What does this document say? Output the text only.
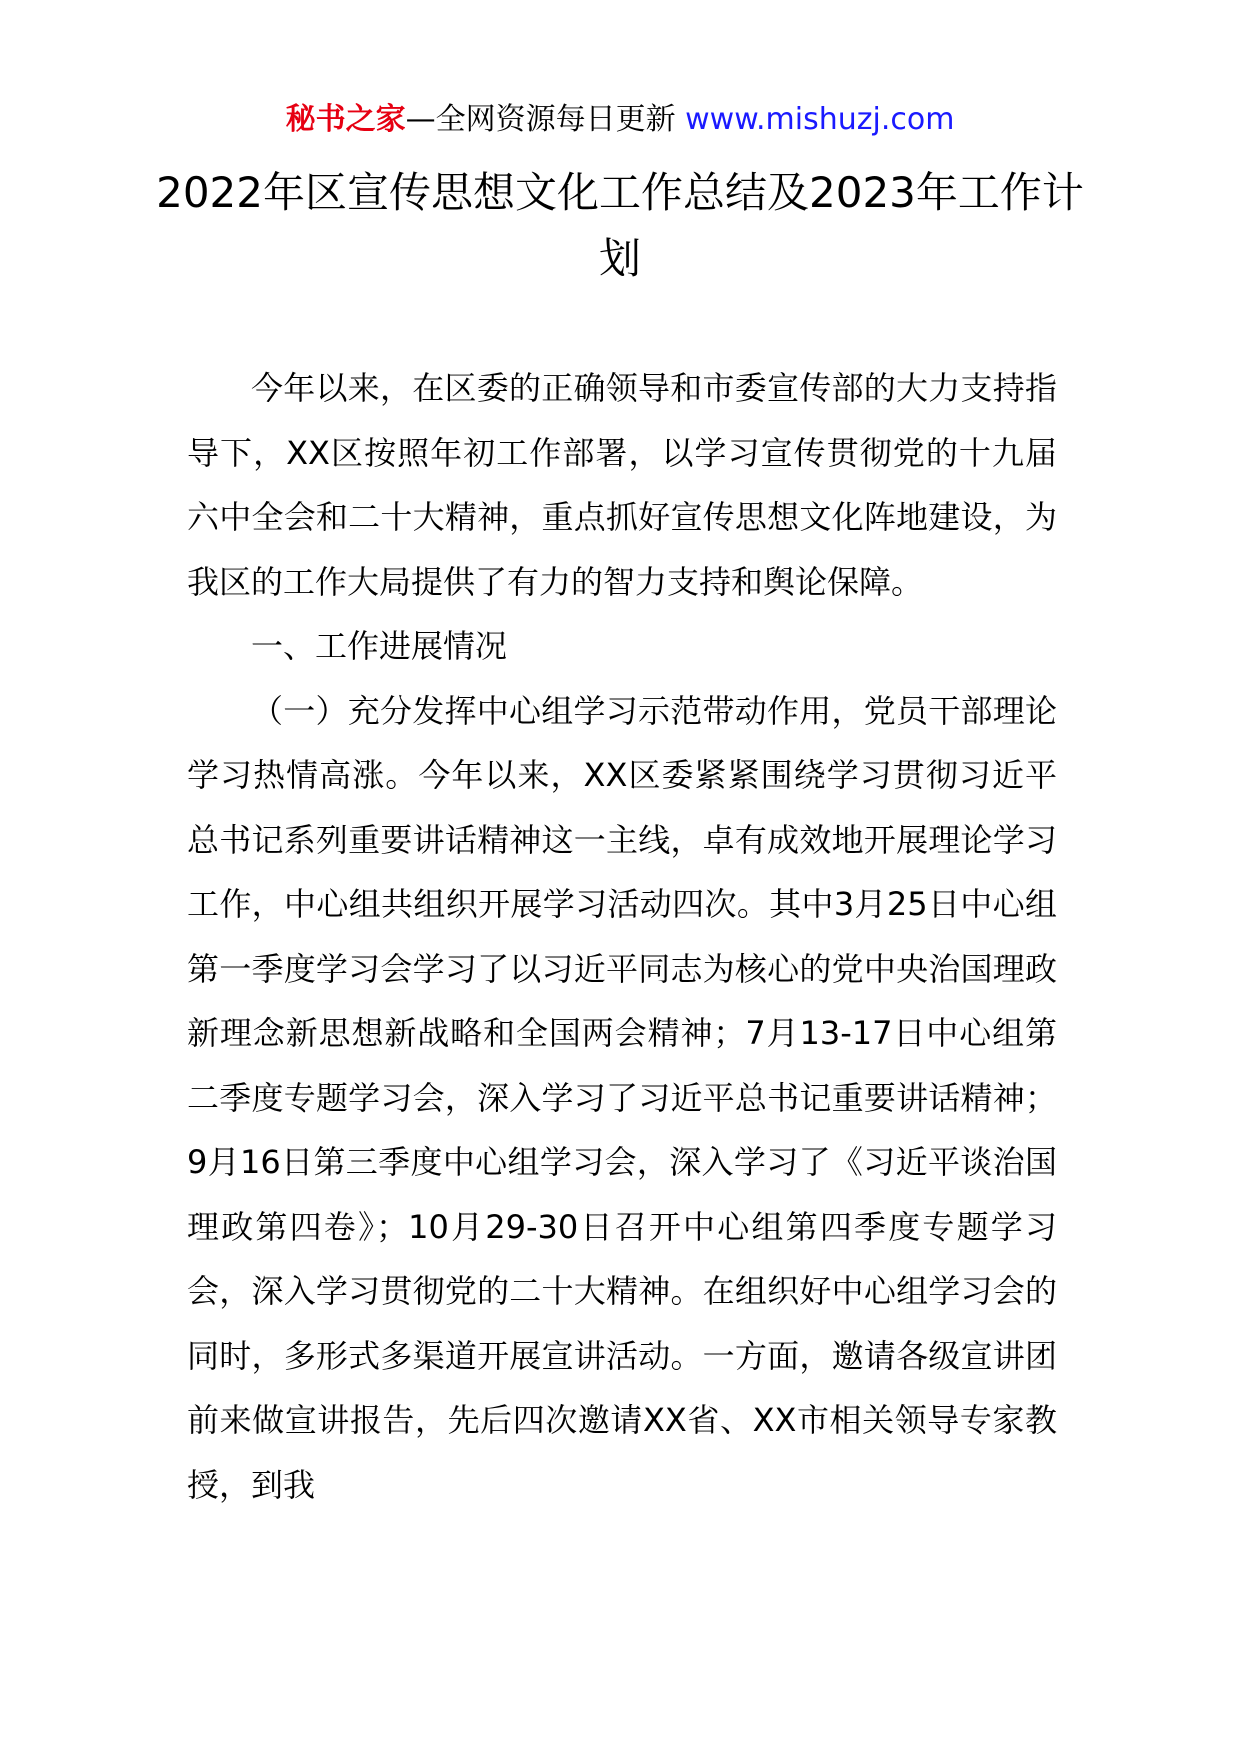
秘书之家—全网资源每日更新 www.mishuzj.com
2022年区宣传思想文化工作总结及2023年工作计划

今年以来，在区委的正确领导和市委宣传部的大力支持指导下，XX区按照年初工作部署，以学习宣传贯彻党的十九届六中全会和二十大精神，重点抓好宣传思想文化阵地建设，为我区的工作大局提供了有力的智力支持和舆论保障。

一、工作进展情况

（一）充分发挥中心组学习示范带动作用，党员干部理论学习热情高涨。今年以来，XX区委紧紧围绕学习贯彻习近平总书记系列重要讲话精神这一主线，卓有成效地开展理论学习工作，中心组共组织开展学习活动四次。其中3月25日中心组第一季度学习会学习了以习近平同志为核心的党中央治国理政新理念新思想新战略和全国两会精神；7月13-17日中心组第二季度专题学习会，深入学习了习近平总书记重要讲话精神；9月16日第三季度中心组学习会，深入学习了《习近平谈治国理政第四卷》；10月29-30日召开中心组第四季度专题学习会，深入学习贯彻党的二十大精神。在组织好中心组学习会的同时，多形式多渠道开展宣讲活动。一方面，邀请各级宣讲团前来做宣讲报告，先后四次邀请XX省、XX市相关领导专家教授，到我
